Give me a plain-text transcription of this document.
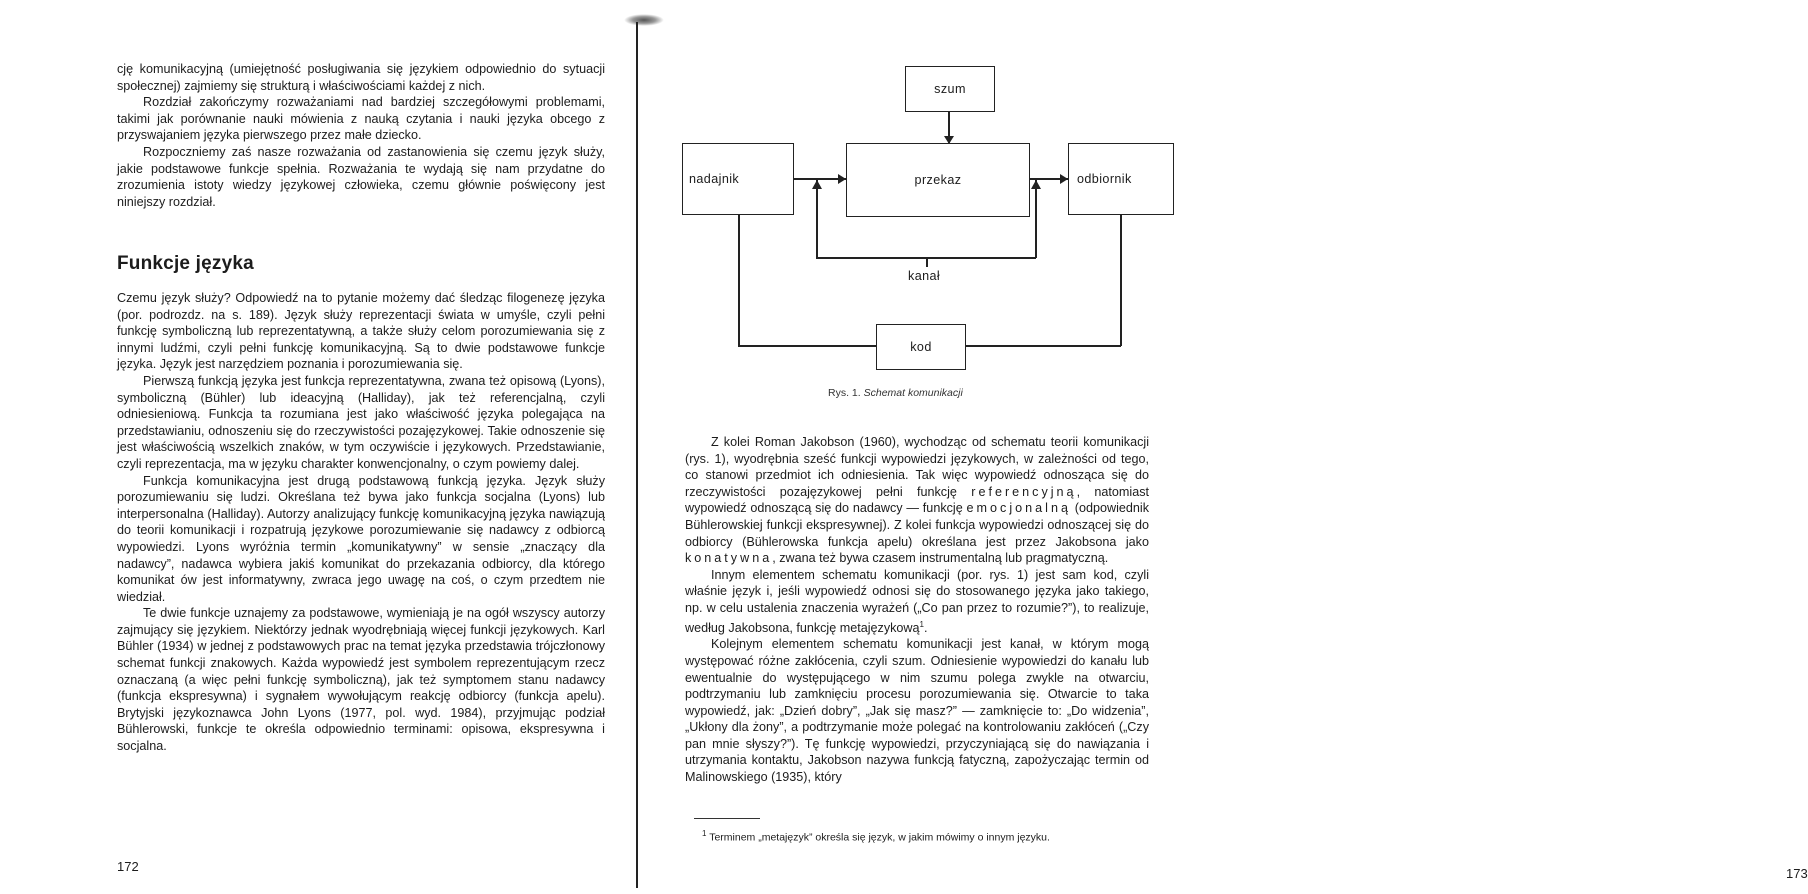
cję komunikacyjną (umiejętność posługiwania się językiem odpowiednio do sytuacji społecznej) zajmiemy się strukturą i właściwościami każdej z nich.

Rozdział zakończymy rozważaniami nad bardziej szczegółowymi problemami, takimi jak porównanie nauki mówienia z nauką czytania i nauki języka obcego z przyswajaniem języka pierwszego przez małe dziecko.

Rozpoczniemy zaś nasze rozważania od zastanowienia się czemu język służy, jakie podstawowe funkcje spełnia. Rozważania te wydają się nam przydatne do zrozumienia istoty wiedzy językowej człowieka, czemu głównie poświęcony jest niniejszy rozdział.

Funkcje języka

Czemu język służy? Odpowiedź na to pytanie możemy dać śledząc filogenezę języka (por. podrozdz. na s. 189). Język służy reprezentacji świata w umyśle, czyli pełni funkcję symboliczną lub reprezentatywną, a także służy celom porozumiewania się z innymi ludźmi, czyli pełni funkcję komunikacyjną. Są to dwie podstawowe funkcje języka. Język jest narzędziem poznania i porozumiewania się.

Pierwszą funkcją języka jest funkcja reprezentatywna, zwana też opisową (Lyons), symboliczną (Bühler) lub ideacyjną (Halliday), jak też referencjalną, czyli odniesieniową. Funkcja ta rozumiana jest jako właściwość języka polegająca na przedstawianiu, odnoszeniu się do rzeczywistości pozajęzykowej. Takie odnoszenie się jest właściwością wszelkich znaków, w tym oczywiście i językowych. Przedstawianie, czyli reprezentacja, ma w języku charakter konwencjonalny, o czym powiemy dalej.

Funkcja komunikacyjna jest drugą podstawową funkcją języka. Język służy porozumiewaniu się ludzi. Określana też bywa jako funkcja socjalna (Lyons) lub interpersonalna (Halliday). Autorzy analizujący funkcję komunikacyjną języka nawiązują do teorii komunikacji i rozpatrują językowe porozumiewanie się nadawcy z odbiorcą wypowiedzi. Lyons wyróżnia termin „komunikatywny” w sensie „znaczący dla nadawcy”, nadawca wybiera jakiś komunikat do przekazania odbiorcy, dla którego komunikat ów jest informatywny, zwraca jego uwagę na coś, o czym przedtem nie wiedział.

Te dwie funkcje uznajemy za podstawowe, wymieniają je na ogół wszyscy autorzy zajmujący się językiem. Niektórzy jednak wyodrębniają więcej funkcji językowych. Karl Bühler (1934) w jednej z podstawowych prac na temat języka przedstawia trójczłonowy schemat funkcji znakowych. Każda wypowiedź jest symbolem reprezentującym rzecz oznaczaną (a więc pełni funkcję symboliczną), jak też symptomem stanu nadawcy (funkcja ekspresywna) i sygnałem wywołującym reakcję odbiorcy (funkcja apelu). Brytyjski językoznawca John Lyons (1977, pol. wyd. 1984), przyjmując podział Bühlerowski, funkcje te określa odpowiednio terminami: opisowa, ekspresywna i socjalna.

172
szum
nadajnik	przekaz	odbiornik
kanał
kod
Rys. 1. Schemat komunikacji

Z kolei Roman Jakobson (1960), wychodząc od schematu teorii komunikacji (rys. 1), wyodrębnia sześć funkcji wypowiedzi językowych, w zależności od tego, co stanowi przedmiot ich odniesienia. Tak więc wypowiedź odnosząca się do rzeczywistości pozajęzykowej pełni funkcję referencyjną, natomiast wypowiedź odnoszącą się do nadawcy — funkcję emocjonalną (odpowiednik Bühlerowskiej funkcji ekspresywnej). Z kolei funkcja wypowiedzi odnoszącej się do odbiorcy (Bühlerowska funkcja apelu) określana jest przez Jakobsona jako konatywna, zwana też bywa czasem instrumentalną lub pragmatyczną.

Innym elementem schematu komunikacji (por. rys. 1) jest sam kod, czyli właśnie język i, jeśli wypowiedź odnosi się do stosowanego języka jako takiego, np. w celu ustalenia znaczenia wyrażeń („Co pan przez to rozumie?”), to realizuje, według Jakobsona, funkcję metajęzykową$^1$.

Kolejnym elementem schematu komunikacji jest kanał, w którym mogą występować różne zakłócenia, czyli szum. Odniesienie wypowiedzi do kanału lub ewentualnie do występującego w nim szumu polega zwykle na otwarciu, podtrzymaniu lub zamknięciu procesu porozumiewania się. Otwarcie to taka wypowiedź, jak: „Dzień dobry”, „Jak się masz?” — zamknięcie to: „Do widzenia”, „Ukłony dla żony”, a podtrzymanie może polegać na kontrolowaniu zakłóceń („Czy pan mnie słyszy?”). Tę funkcję wypowiedzi, przyczyniającą się do nawiązania i utrzymania kontaktu, Jakobson nazywa funkcją fatyczną, zapożyczając termin od Malinowskiego (1935), który

$^1$ Terminem „metajęzyk” określa się język, w jakim mówimy o innym języku.
173
